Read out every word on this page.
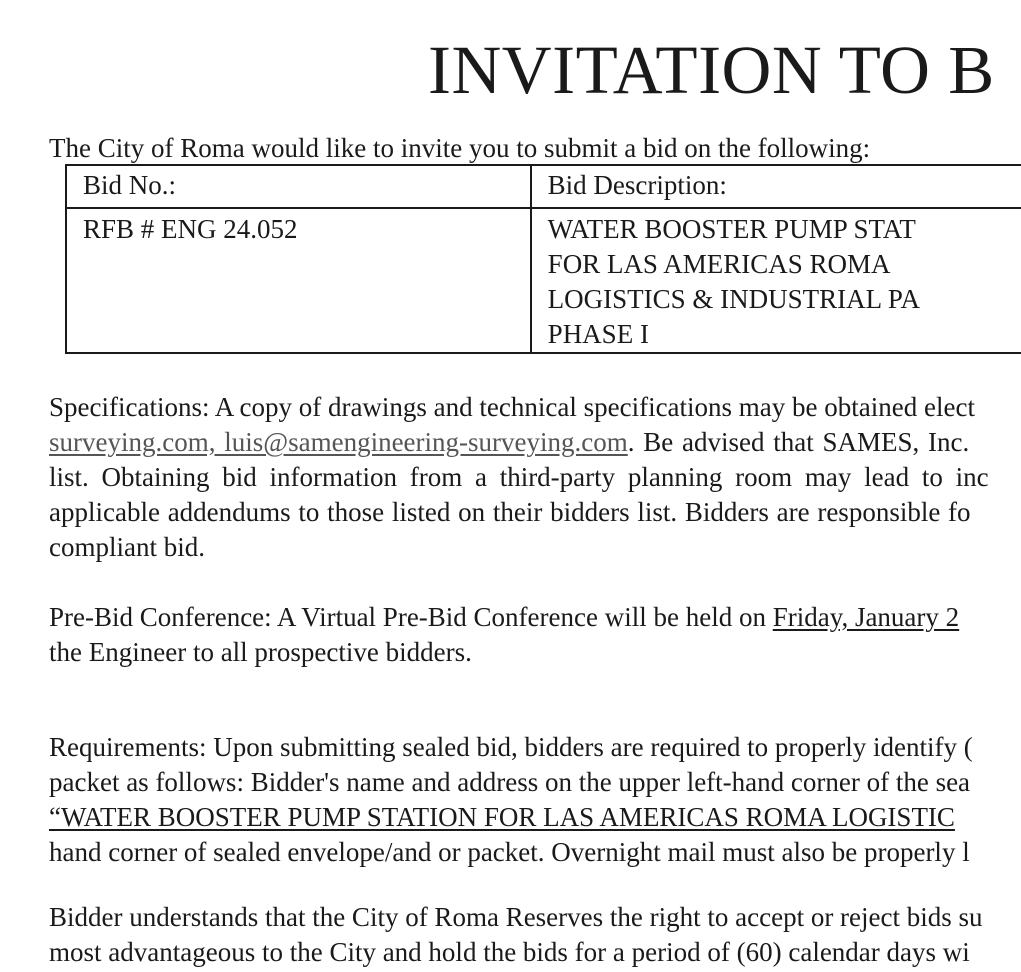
INVITATION TO B
The City of Roma would like to invite you to submit a bid on the following:
Bid No.:	Bid Description:
RFB # ENG 24.052	WATER BOOSTER PUMP STAT
FOR LAS AMERICAS ROMA
LOGISTICS & INDUSTRIAL PA
PHASE I
Specifications: A copy of drawings and technical specifications may be obtained elect
surveying.com, luis@samengineering-surveying.com. Be advised that SAMES, Inc.
list. Obtaining bid information from a third-party planning room may lead to inc
applicable addendums to those listed on their bidders list. Bidders are responsible fo
compliant bid.
Pre-Bid Conference: A Virtual Pre-Bid Conference will be held on Friday, January 2
the Engineer to all prospective bidders.
Requirements: Upon submitting sealed bid, bidders are required to properly identify (
packet as follows: Bidder's name and address on the upper left-hand corner of the sea
“WATER BOOSTER PUMP STATION FOR LAS AMERICAS ROMA LOGISTIC
hand corner of sealed envelope/and or packet. Overnight mail must also be properly l
Bidder understands that the City of Roma Reserves the right to accept or reject bids su
most advantageous to the City and hold the bids for a period of (60) calendar days wi
